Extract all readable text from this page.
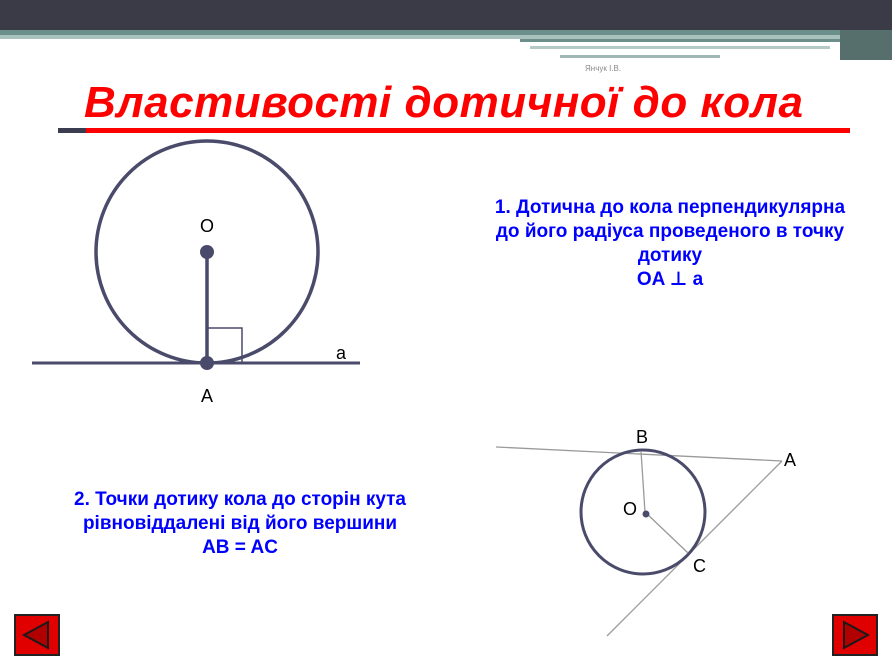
Янчук І.В.
Властивості дотичної до кола
O
A
a
B
A
O
C
1. Дотична до кола перпендикулярна
до його радіуса проведеного в точку
дотику
OA ⊥ a
2. Точки дотику кола до сторін кута
рівновіддалені від його вершини
AB = AC
